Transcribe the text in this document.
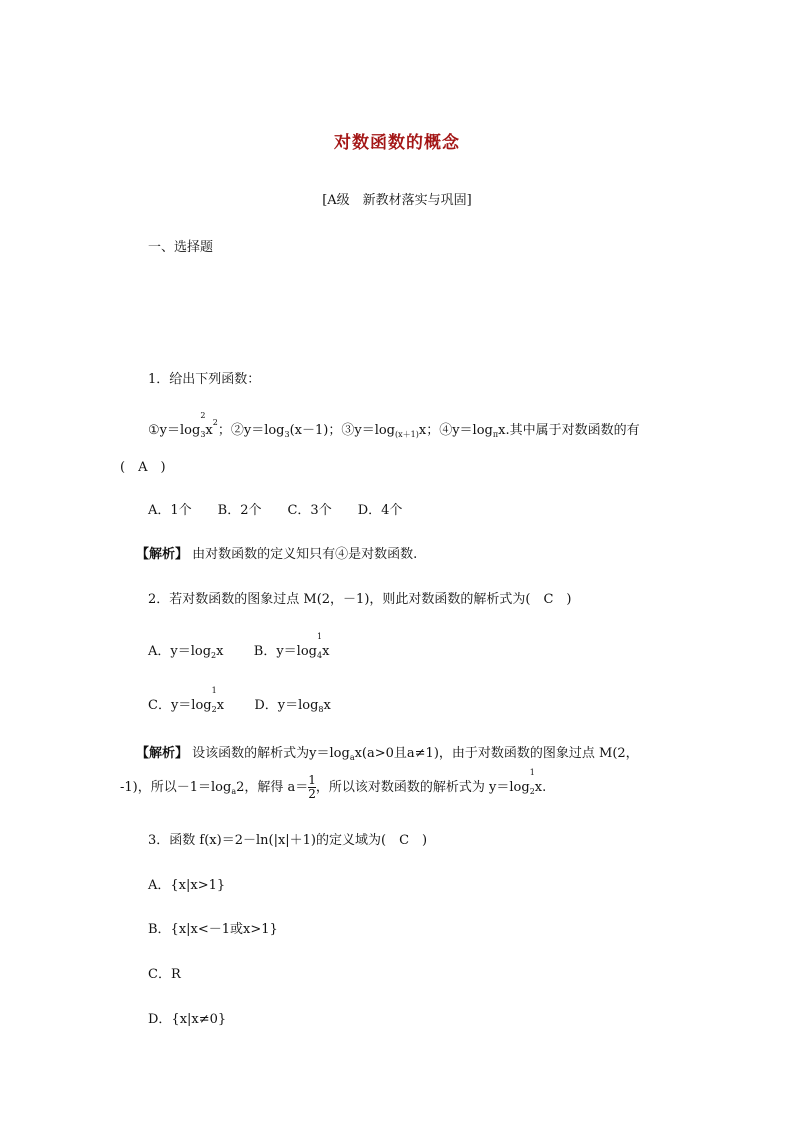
对数函数的概念
[A级　新教材落实与巩固]
一、选择题
1．给出下列函数：
①y＝log
2
$_3x^2$；$②y=\log_3(x-1)$；$③y=\log_{(x+1)}x$；$④y=\log_\pi x$.其中属于对数函数的有
(　A　)
A．1个　　B．2个　　C．3个　　D．4个
【解析】 由对数函数的定义知只有④是对数函数.
2．若对数函数的图象过点 M(2，－1)，则此对数函数的解析式为(　C　)
A．$y=\log_2x$ B．y＝log
1
$_4$x
C．y＝log
1
$_2$x D．$y=\log_8x$
【解析】 设该函数的解析式为$y=\log_ax(a>0$且a≠1)，由于对数函数的图象过点 M(2，
-1)，所以$-1=\log_a2$，解得 $a= \frac{1}{2}$ ，所以该对数函数的解析式为 y＝log
1
$_2$x.
3．函数 f(x)＝2－ln(|x|＋1)的定义域为(　C　)
A．{x|x>1}
B．{x|x<－1或x>1}
C．R
D．{x|x≠0}
